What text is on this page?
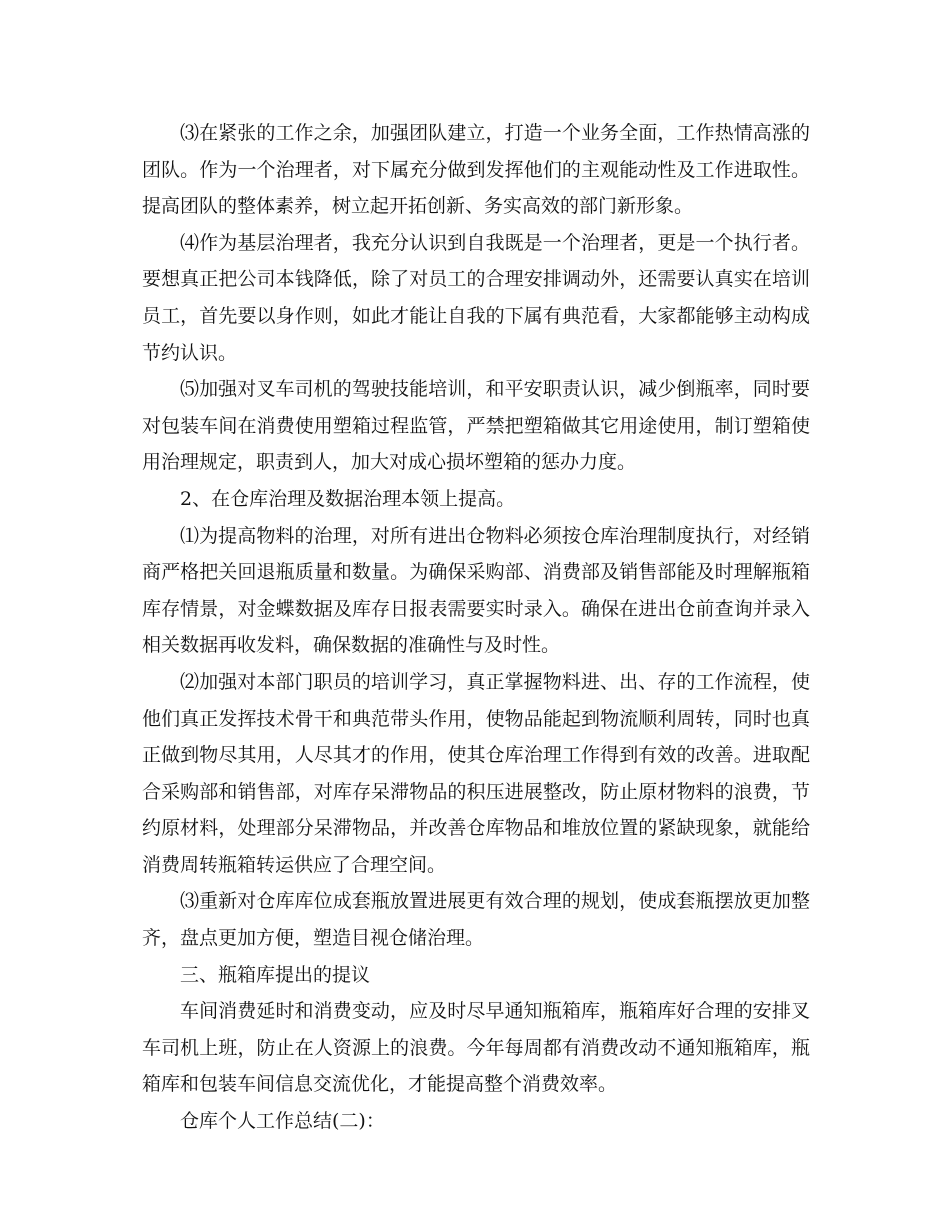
⑶在紧张的工作之余，加强团队建立，打造一个业务全面，工作热情高涨的团队。作为一个治理者，对下属充分做到发挥他们的主观能动性及工作进取性。提高团队的整体素养，树立起开拓创新、务实高效的部门新形象。

⑷作为基层治理者，我充分认识到自我既是一个治理者，更是一个执行者。要想真正把公司本钱降低，除了对员工的合理安排调动外，还需要认真实在培训员工，首先要以身作则，如此才能让自我的下属有典范看，大家都能够主动构成节约认识。

⑸加强对叉车司机的驾驶技能培训，和平安职责认识，减少倒瓶率，同时要对包装车间在消费使用塑箱过程监管，严禁把塑箱做其它用途使用，制订塑箱使用治理规定，职责到人，加大对成心损坏塑箱的惩办力度。

2、在仓库治理及数据治理本领上提高。

⑴为提高物料的治理，对所有进出仓物料必须按仓库治理制度执行，对经销商严格把关回退瓶质量和数量。为确保采购部、消费部及销售部能及时理解瓶箱库存情景，对金蝶数据及库存日报表需要实时录入。确保在进出仓前查询并录入相关数据再收发料，确保数据的准确性与及时性。

⑵加强对本部门职员的培训学习，真正掌握物料进、出、存的工作流程，使他们真正发挥技术骨干和典范带头作用，使物品能起到物流顺利周转，同时也真正做到物尽其用，人尽其才的作用，使其仓库治理工作得到有效的改善。进取配合采购部和销售部，对库存呆滞物品的积压进展整改，防止原材物料的浪费，节约原材料，处理部分呆滞物品，并改善仓库物品和堆放位置的紧缺现象，就能给消费周转瓶箱转运供应了合理空间。

⑶重新对仓库库位成套瓶放置进展更有效合理的规划，使成套瓶摆放更加整齐，盘点更加方便，塑造目视仓储治理。

三、瓶箱库提出的提议

车间消费延时和消费变动，应及时尽早通知瓶箱库，瓶箱库好合理的安排叉车司机上班，防止在人资源上的浪费。今年每周都有消费改动不通知瓶箱库，瓶箱库和包装车间信息交流优化，才能提高整个消费效率。

仓库个人工作总结(二)：
